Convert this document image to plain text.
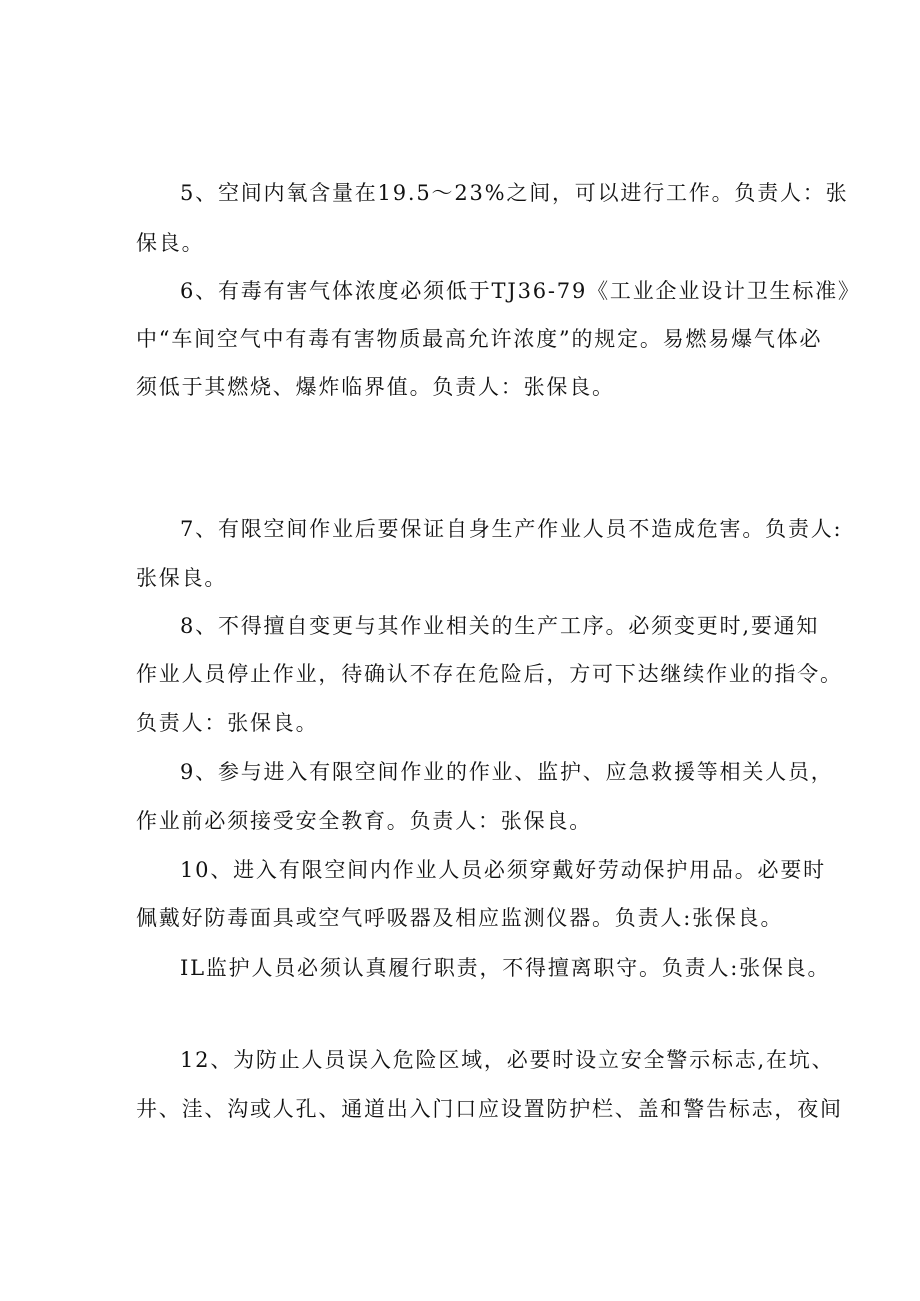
5、空间内氧含量在19.5～23%之间，可以进行工作。负责人：张
保良。
6、有毒有害气体浓度必须低于TJ36-79《工业企业设计卫生标准》
中“车间空气中有毒有害物质最高允许浓度”的规定。易燃易爆气体必
须低于其燃烧、爆炸临界值。负责人：张保良。
7、有限空间作业后要保证自身生产作业人员不造成危害。负责人:
张保良。
8、不得擅自变更与其作业相关的生产工序。必须变更时,要通知
作业人员停止作业，待确认不存在危险后，方可下达继续作业的指令。
负责人：张保良。
9、参与进入有限空间作业的作业、监护、应急救援等相关人员，
作业前必须接受安全教育。负责人：张保良。
10、进入有限空间内作业人员必须穿戴好劳动保护用品。必要时
佩戴好防毒面具或空气呼吸器及相应监测仪器。负责人:张保良。
IL监护人员必须认真履行职责，不得擅离职守。负责人:张保良。
12、为防止人员误入危险区域，必要时设立安全警示标志,在坑、
井、洼、沟或人孔、通道出入门口应设置防护栏、盖和警告标志，夜间
